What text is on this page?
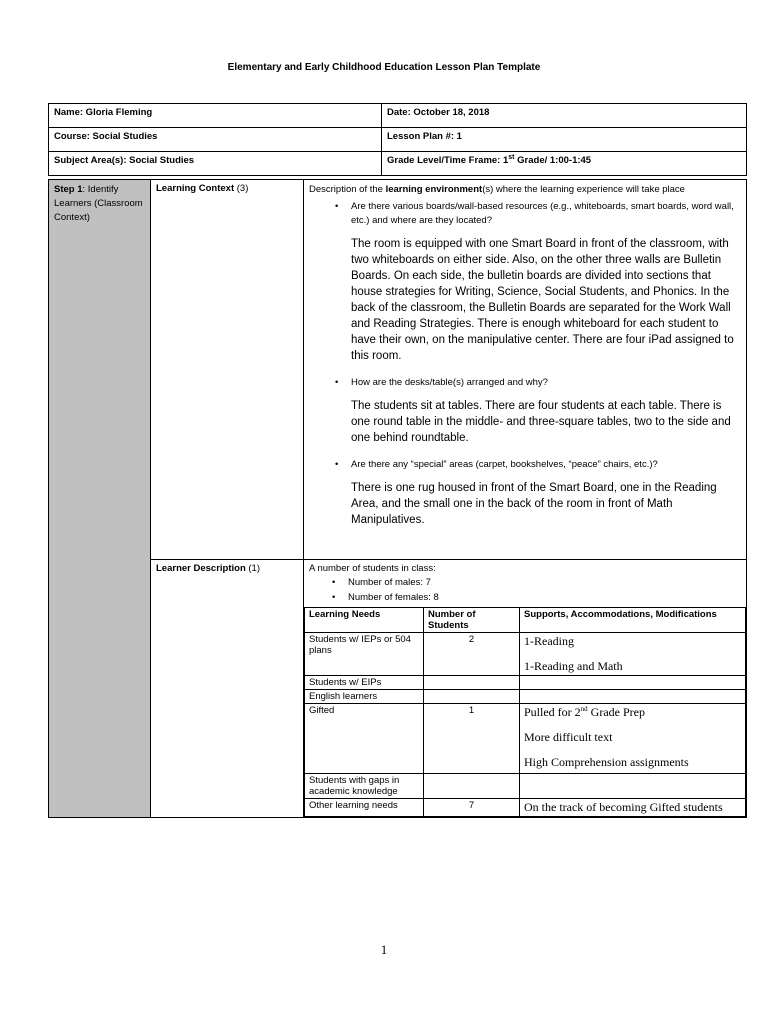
Elementary and Early Childhood Education Lesson Plan Template
Name: Gloria Fleming	Date: October 18, 2018
Course: Social Studies	Lesson Plan #: 1
Subject Area(s): Social Studies	Grade Level/Time Frame: 1st Grade/ 1:00-1:45
Step 1: Identify Learners (Classroom Context)	Learning Context (3)	Description of the learning environment(s) where the learning experience will take place
• Are there various boards/wall-based resources (e.g., whiteboards, smart boards, word wall, etc.) and where are they located?
The room is equipped with one Smart Board in front of the classroom, with two whiteboards on either side. Also, on the other three walls are Bulletin Boards. On each side, the bulletin boards are divided into sections that house strategies for Writing, Science, Social Students, and Phonics. In the back of the classroom, the Bulletin Boards are separated for the Work Wall and Reading Strategies. There is enough whiteboard for each student to have their own, on the manipulative center. There are four iPad assigned to this room.
• How are the desks/table(s) arranged and why?
The students sit at tables. There are four students at each table. There is one round table in the middle- and three-square tables, two to the side and one behind roundtable.
• Are there any “special” areas (carpet, bookshelves, “peace” chairs, etc.)?
There is one rug housed in front of the Smart Board, one in the Reading Area, and the small one in the back of the room in front of Math Manipulatives.

Learner Description (1)	A number of students in class:
• Number of males: 7
• Number of females: 8
Learning Needs	Number of Students	Supports, Accommodations, Modifications
Students w/ IEPs or 504 plans	2	1-Reading

1-Reading and Math

Students w/ EIPs		
English learners		
Gifted	1	Pulled for 2nd Grade Prep

More difficult text

High Comprehension assignments

Students with gaps in academic knowledge		
Other learning needs	7	On the track of becoming Gifted students
1
